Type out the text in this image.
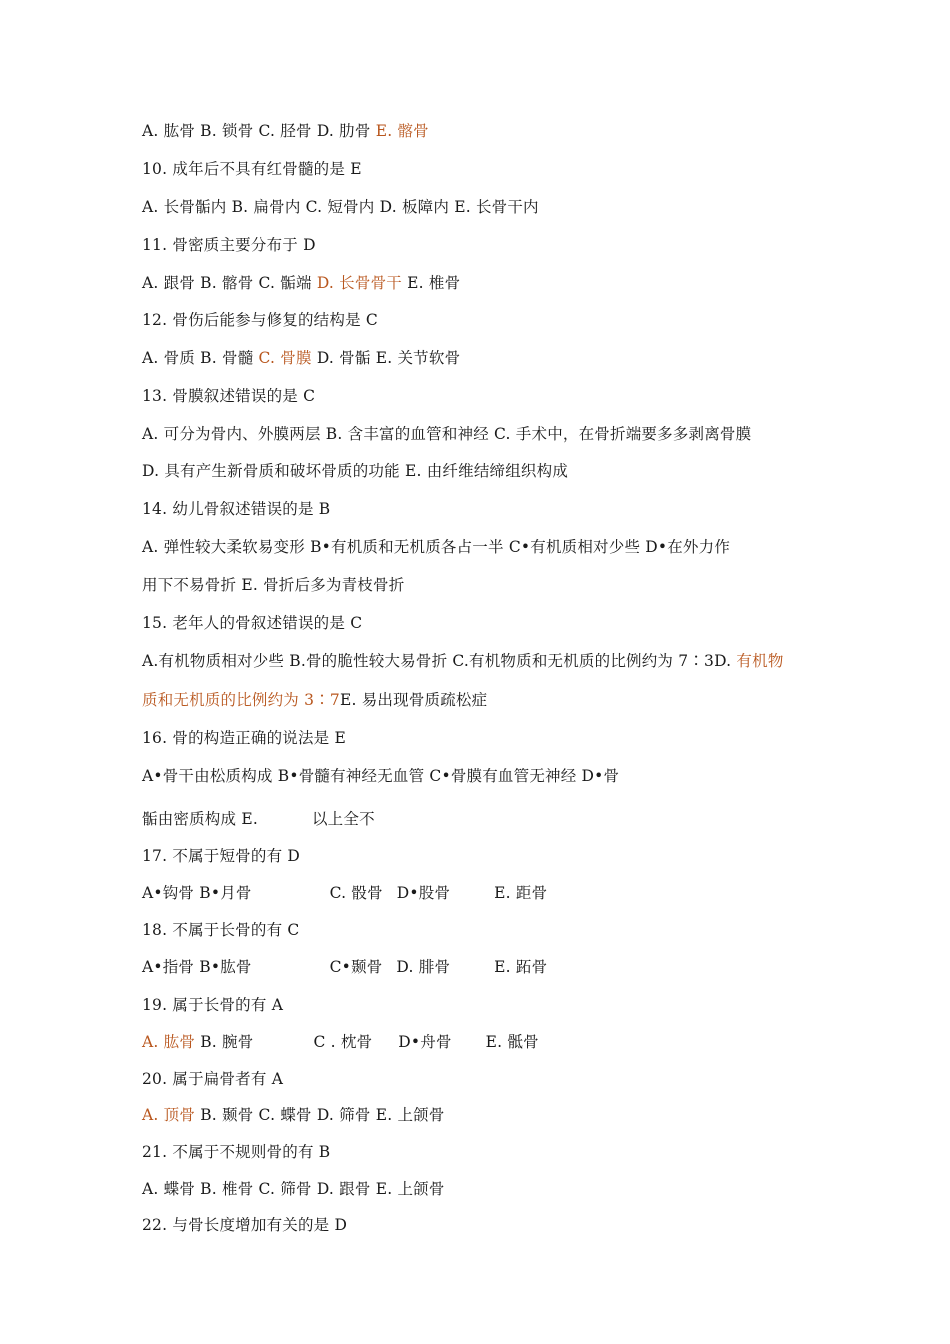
A. 肱骨 B. 锁骨 C. 胫骨 D. 肋骨 E. 髂骨
10. 成年后不具有红骨髓的是 E
A. 长骨骺内 B. 扁骨内 C. 短骨内 D. 板障内 E. 长骨干内
11. 骨密质主要分布于 D
A. 跟骨 B. 髂骨 C. 骺端 D. 长骨骨干 E. 椎骨
12. 骨伤后能参与修复的结构是 C
A. 骨质 B. 骨髓 C. 骨膜 D. 骨骺 E. 关节软骨
13. 骨膜叙述错误的是 C
A. 可分为骨内、外膜两层 B. 含丰富的血管和神经 C. 手术中，在骨折端要多多剥离骨膜
D. 具有产生新骨质和破坏骨质的功能 E. 由纤维结缔组织构成
14. 幼儿骨叙述错误的是 B
A. 弹性较大柔软易变形 B•有机质和无机质各占一半 C•有机质相对少些 D•在外力作
用下不易骨折 E. 骨折后多为青枝骨折
15. 老年人的骨叙述错误的是 C
A.有机物质相对少些 B.骨的脆性较大易骨折 C.有机物质和无机质的比例约为 7∶3D. 有机物
质和无机质的比例约为 3∶7E. 易出现骨质疏松症
16. 骨的构造正确的说法是 E
A•骨干由松质构成 B•骨髓有神经无血管 C•骨膜有血管无神经 D•骨
骺由密质构成 E.	以上全不
17. 不属于短骨的有 D
A•钩骨 B•月骨	C. 骰骨 D•股骨	E. 距骨
18. 不属于长骨的有 C
A•指骨 B•肱骨	C•颞骨 D. 腓骨	E. 跖骨
19. 属于长骨的有 A
A. 肱骨 B. 腕骨	C . 枕骨 D•舟骨 E. 骶骨
20. 属于扁骨者有 A
A. 顶骨 B. 颞骨 C. 蝶骨 D. 筛骨 E. 上颌骨
21. 不属于不规则骨的有 B
A. 蝶骨 B. 椎骨 C. 筛骨 D. 跟骨 E. 上颌骨
22. 与骨长度增加有关的是 D
